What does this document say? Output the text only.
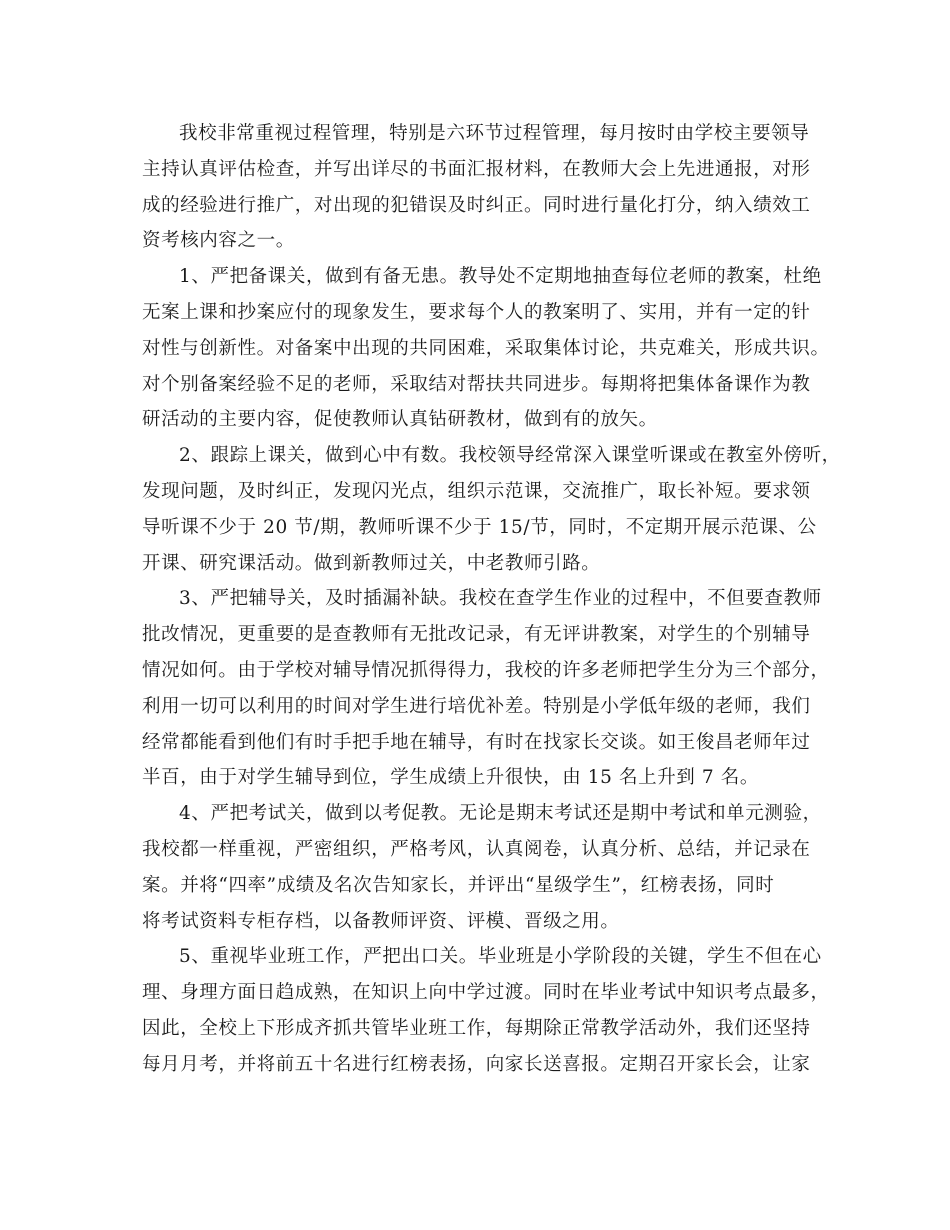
我校非常重视过程管理，特别是六环节过程管理，每月按时由学校主要领导
主持认真评估检查，并写出详尽的书面汇报材料，在教师大会上先进通报，对形
成的经验进行推广，对出现的犯错误及时纠正。同时进行量化打分，纳入绩效工
资考核内容之一。
1、严把备课关，做到有备无患。教导处不定期地抽查每位老师的教案，杜绝
无案上课和抄案应付的现象发生，要求每个人的教案明了、实用，并有一定的针
对性与创新性。对备案中出现的共同困难，采取集体讨论，共克难关，形成共识。
对个别备案经验不足的老师，采取结对帮扶共同进步。每期将把集体备课作为教
研活动的主要内容，促使教师认真钻研教材，做到有的放矢。
2、跟踪上课关，做到心中有数。我校领导经常深入课堂听课或在教室外傍听，
发现问题，及时纠正，发现闪光点，组织示范课，交流推广，取长补短。要求领
导听课不少于 20 节/期，教师听课不少于 15/节，同时，不定期开展示范课、公
开课、研究课活动。做到新教师过关，中老教师引路。
3、严把辅导关，及时插漏补缺。我校在查学生作业的过程中，不但要查教师
批改情况，更重要的是查教师有无批改记录，有无评讲教案，对学生的个别辅导
情况如何。由于学校对辅导情况抓得得力，我校的许多老师把学生分为三个部分，
利用一切可以利用的时间对学生进行培优补差。特别是小学低年级的老师，我们
经常都能看到他们有时手把手地在辅导，有时在找家长交谈。如王俊昌老师年过
半百，由于对学生辅导到位，学生成绩上升很快，由 15 名上升到 7 名。
4、严把考试关，做到以考促教。无论是期末考试还是期中考试和单元测验，
我校都一样重视，严密组织，严格考风，认真阅卷，认真分析、总结，并记录在
案。并将“四率”成绩及名次告知家长，并评出“星级学生”，红榜表扬，同时
将考试资料专柜存档，以备教师评资、评模、晋级之用。
5、重视毕业班工作，严把出口关。毕业班是小学阶段的关键，学生不但在心
理、身理方面日趋成熟，在知识上向中学过渡。同时在毕业考试中知识考点最多，
因此，全校上下形成齐抓共管毕业班工作，每期除正常教学活动外，我们还坚持
每月月考，并将前五十名进行红榜表扬，向家长送喜报。定期召开家长会，让家
